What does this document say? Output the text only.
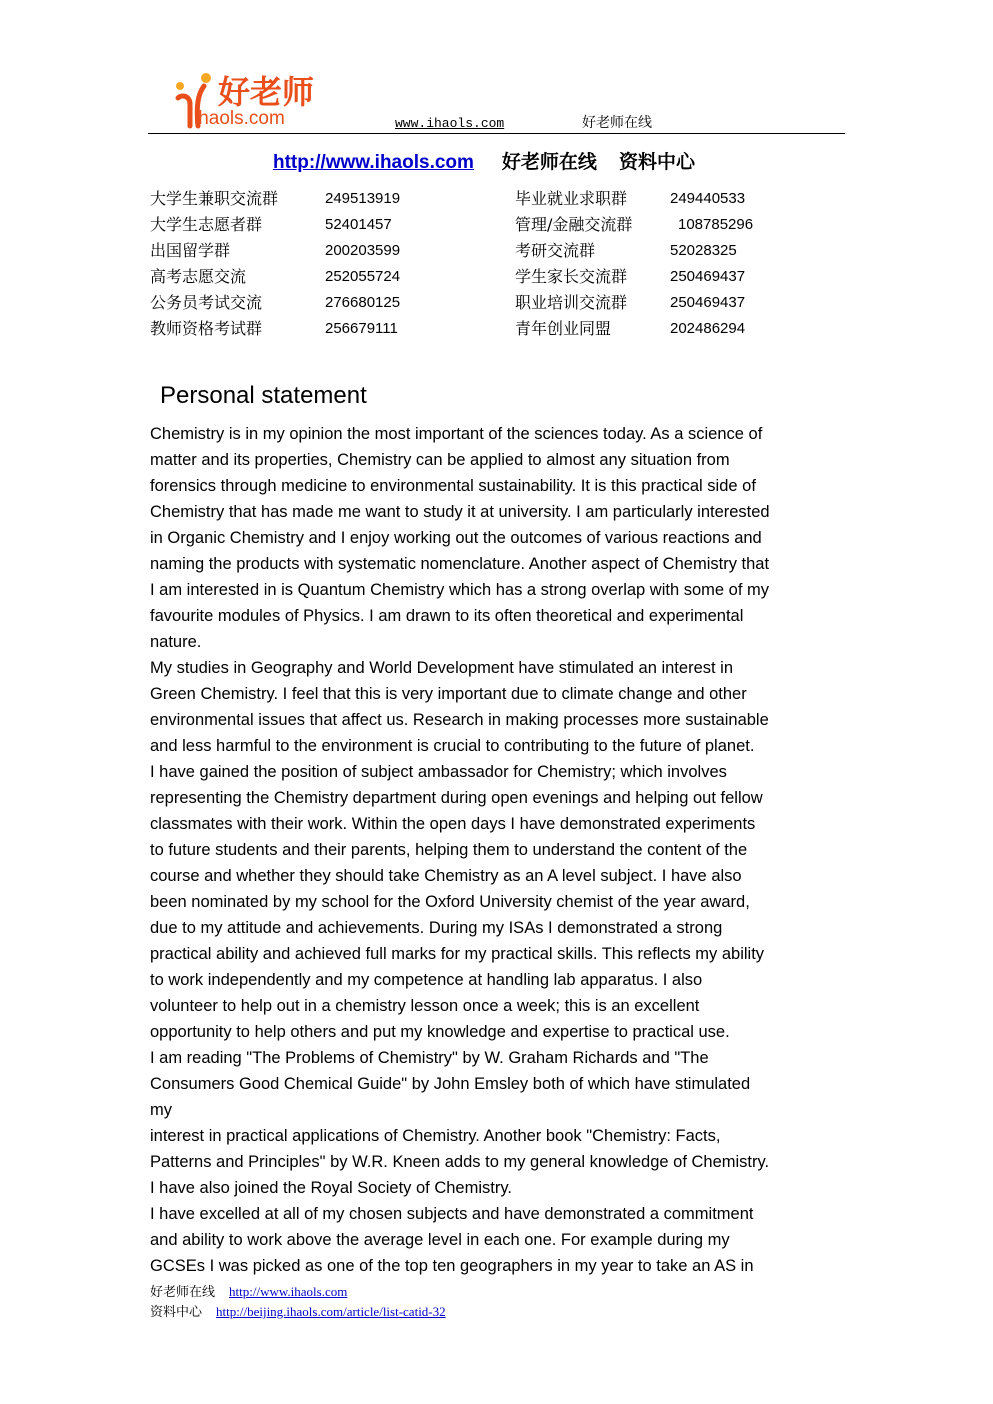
好老师
ihaols.com	www.ihaols.com	好老师在线
http://www.ihaols.com 好老师在线 资料中心
大学生兼职交流群	249513919	毕业就业求职群	249440533
大学生志愿者群	52401457	管理/金融交流群	108785296
出国留学群	200203599	考研交流群	52028325
高考志愿交流	252055724	学生家长交流群	250469437
公务员考试交流	276680125	职业培训交流群	250469437
教师资格考试群	256679111	青年创业同盟	202486294
Personal statement
Chemistry is in my opinion the most important of the sciences today. As a science of
matter and its properties, Chemistry can be applied to almost any situation from
forensics through medicine to environmental sustainability. It is this practical side of
Chemistry that has made me want to study it at university. I am particularly interested
in Organic Chemistry and I enjoy working out the outcomes of various reactions and
naming the products with systematic nomenclature. Another aspect of Chemistry that
I am interested in is Quantum Chemistry which has a strong overlap with some of my
favourite modules of Physics. I am drawn to its often theoretical and experimental
nature.
My studies in Geography and World Development have stimulated an interest in
Green Chemistry. I feel that this is very important due to climate change and other
environmental issues that affect us. Research in making processes more sustainable
and less harmful to the environment is crucial to contributing to the future of planet.
I have gained the position of subject ambassador for Chemistry; which involves
representing the Chemistry department during open evenings and helping out fellow
classmates with their work. Within the open days I have demonstrated experiments
to future students and their parents, helping them to understand the content of the
course and whether they should take Chemistry as an A level subject. I have also
been nominated by my school for the Oxford University chemist of the year award,
due to my attitude and achievements. During my ISAs I demonstrated a strong
practical ability and achieved full marks for my practical skills. This reflects my ability
to work independently and my competence at handling lab apparatus. I also
volunteer to help out in a chemistry lesson once a week; this is an excellent
opportunity to help others and put my knowledge and expertise to practical use.
I am reading "The Problems of Chemistry" by W. Graham Richards and "The
Consumers Good Chemical Guide" by John Emsley both of which have stimulated
my
interest in practical applications of Chemistry. Another book "Chemistry: Facts,
Patterns and Principles" by W.R. Kneen adds to my general knowledge of Chemistry.
I have also joined the Royal Society of Chemistry.
I have excelled at all of my chosen subjects and have demonstrated a commitment
and ability to work above the average level in each one. For example during my
GCSEs I was picked as one of the top ten geographers in my year to take an AS in
好老师在线 http://www.ihaols.com
资料中心 http://beijing.ihaols.com/article/list-catid-32
